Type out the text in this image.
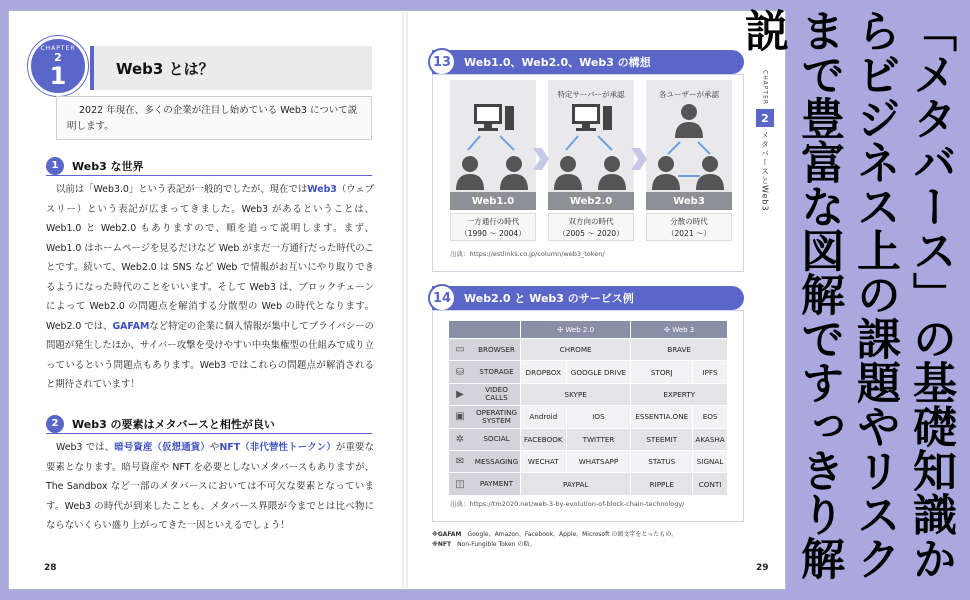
CHAPTER
2
1	Web3 とは？
2022 年現在、多くの企業が注目し始めている Web3 について説明します。
1	Web3 な世界
以前は「Web3.0」という表記が一般的でしたが、現在ではWeb3（ウェブスリー）という表記が広まってきました。Web3 があるということは、Web1.0 と Web2.0 もありますので、順を追って説明します。まず、Web1.0 はホームページを見るだけなど Web がまだ一方通行だった時代のことです。続いて、Web2.0 は SNS など Web で情報がお互いにやり取りできるようになった時代のことをいいます。そして Web3 は、ブロックチェーンによって Web2.0 の問題点を解消する分散型の Web の時代となります。Web2.0 では、GAFAMなど特定の企業に個人情報が集中してプライバシーの問題が発生したほか、サイバー攻撃を受けやすい中央集権型の仕組みで成り立っているという問題点もあります。Web3 ではこれらの問題点が解消されると期待されています！
2	Web3 の要素はメタバースと相性が良い
Web3 では、暗号資産（仮想通貨）やNFT（非代替性トークン）が重要な要素となります。暗号資産や NFT を必要としないメタバースもありますが、The Sandbox など一部のメタバースにおいては不可欠な要素となっています。Web3 の時代が到来したことも、メタバース界隈が今までとは比べ物にならないくらい盛り上がってきた一因といえるでしょう！
28
13	Web1.0、Web2.0、Web3 の構想
特定サーバーが承認	各ユーザーが承認
Web1.0	Web2.0	Web3
一方通行の時代
（1990 ～ 2004）
双方向の時代
（2005 ～ 2020）
分散の時代
（2021 ～）
出典：https://estlinks.co.jp/column/web3_token/
14	Web2.0 と Web3 のサービス例
	✣ Web 2.0		✣ Web 3	

▭ BROWSER	CHROME		BRAVE	

⛁ STORAGE	DROPBOX	GOOGLE DRIVE	STORJ	IPFS

▶ VIDEO CALLS	SKYPE		EXPERTY	

▣ OPERATING SYSTEM	Android	IOS	ESSENTIA.ONE	EOS

✲ SOCIAL	FACEBOOK	TWITTER	STEEMIT	AKASHA

✉ MESSAGING	WECHAT	WHATSAPP	STATUS	SIGNAL

◫ PAYMENT	PAYPAL		RIPPLE	CONTI
出典：https://tm2020.net/web-3-by-evolution-of-block-chain-technology/
※GAFAM　 Google、Amazon、Facebook、Apple、Microsoft の頭文字をとったもの。
※NFT　 Non-Fungible Token の略。
CHAPTER
2
メタバースとWeb3
29	「メタバース」の基礎知識からビジネス上の課題やリスクまで豊富な図解ですっきり解説
